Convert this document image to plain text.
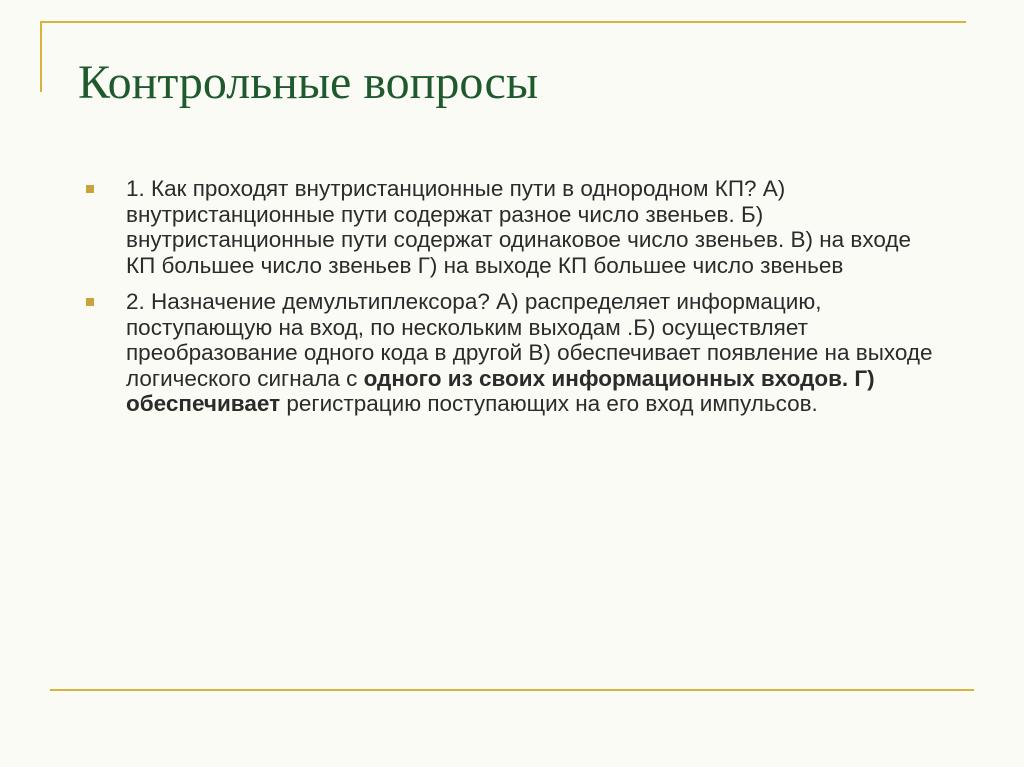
Контрольные вопросы
1. Как проходят внутристанционные пути в однородном КП? А) внутристанционные пути содержат разное число звеньев. Б) внутристанционные пути содержат одинаковое число звеньев. В) на входе КП большее число звеньев Г) на выходе КП большее число звеньев
2. Назначение демультиплексора? А) распределяет информацию, поступающую на вход, по нескольким выходам .Б) осуществляет преобразование одного кода в другой В) обеспечивает появление на выходе логического сигнала с одного из своих информационных входов. Г) обеспечивает регистрацию поступающих на его вход импульсов.
